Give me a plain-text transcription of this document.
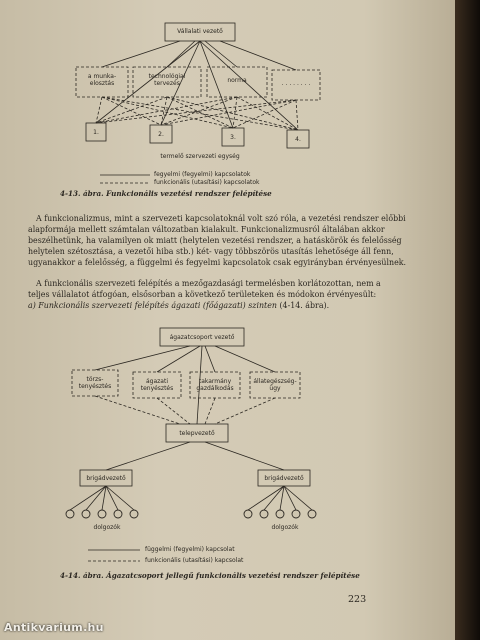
Vállalati vezető
a munka-
elosztás
technológiai
tervezés	norma	. . . . . . . .
1.	2.	3.	4.
termelő szervezeti egység
fegyelmi (fegyelmi) kapcsolatok
funkcionális (utasítási) kapcsolatok
4-13. ábra. Funkcionális vezetési rendszer felépítése
A funkcionalizmus, mint a szervezeti kapcsolatoknál volt szó róla, a vezetési rendszer előbbi
alapformája mellett számtalan változatban kialakult. Funkcionalizmusról általában akkor
beszélhetünk, ha valamilyen ok miatt (helytelen vezetési rendszer, a hatáskörök és felelősség
helytelen szétosztása, a vezetői hiba stb.) két- vagy többszörös utasítás lehetősége áll fenn,
ugyanakkor a felelősség, a függelmi és fegyelmi kapcsolatok csak egyirányban érvényesülnek.
A funkcionális szervezeti felépítés a mezőgazdasági termelésben korlátozottan, nem a
teljes vállalatot átfogóan, elsősorban a következő területeken és módokon érvényesült:
a) Funkcionális szervezeti felépítés ágazati (főágazati) szinten (4-14. ábra).
ágazatcsoport vezető
törzs-
tenyésztés
ágazati
tenyésztés
takarmány
gazdálkodás
állategészség-
ügy
telepvezető
brigádvezető	brigádvezető
dolgozók	dolgozók
függelmi (fegyelmi) kapcsolat
funkcionális (utasítási) kapcsolat
4-14. ábra. Ágazatcsoport jellegű funkcionális vezetési rendszer felépítése
223
Antikvarium.hu
